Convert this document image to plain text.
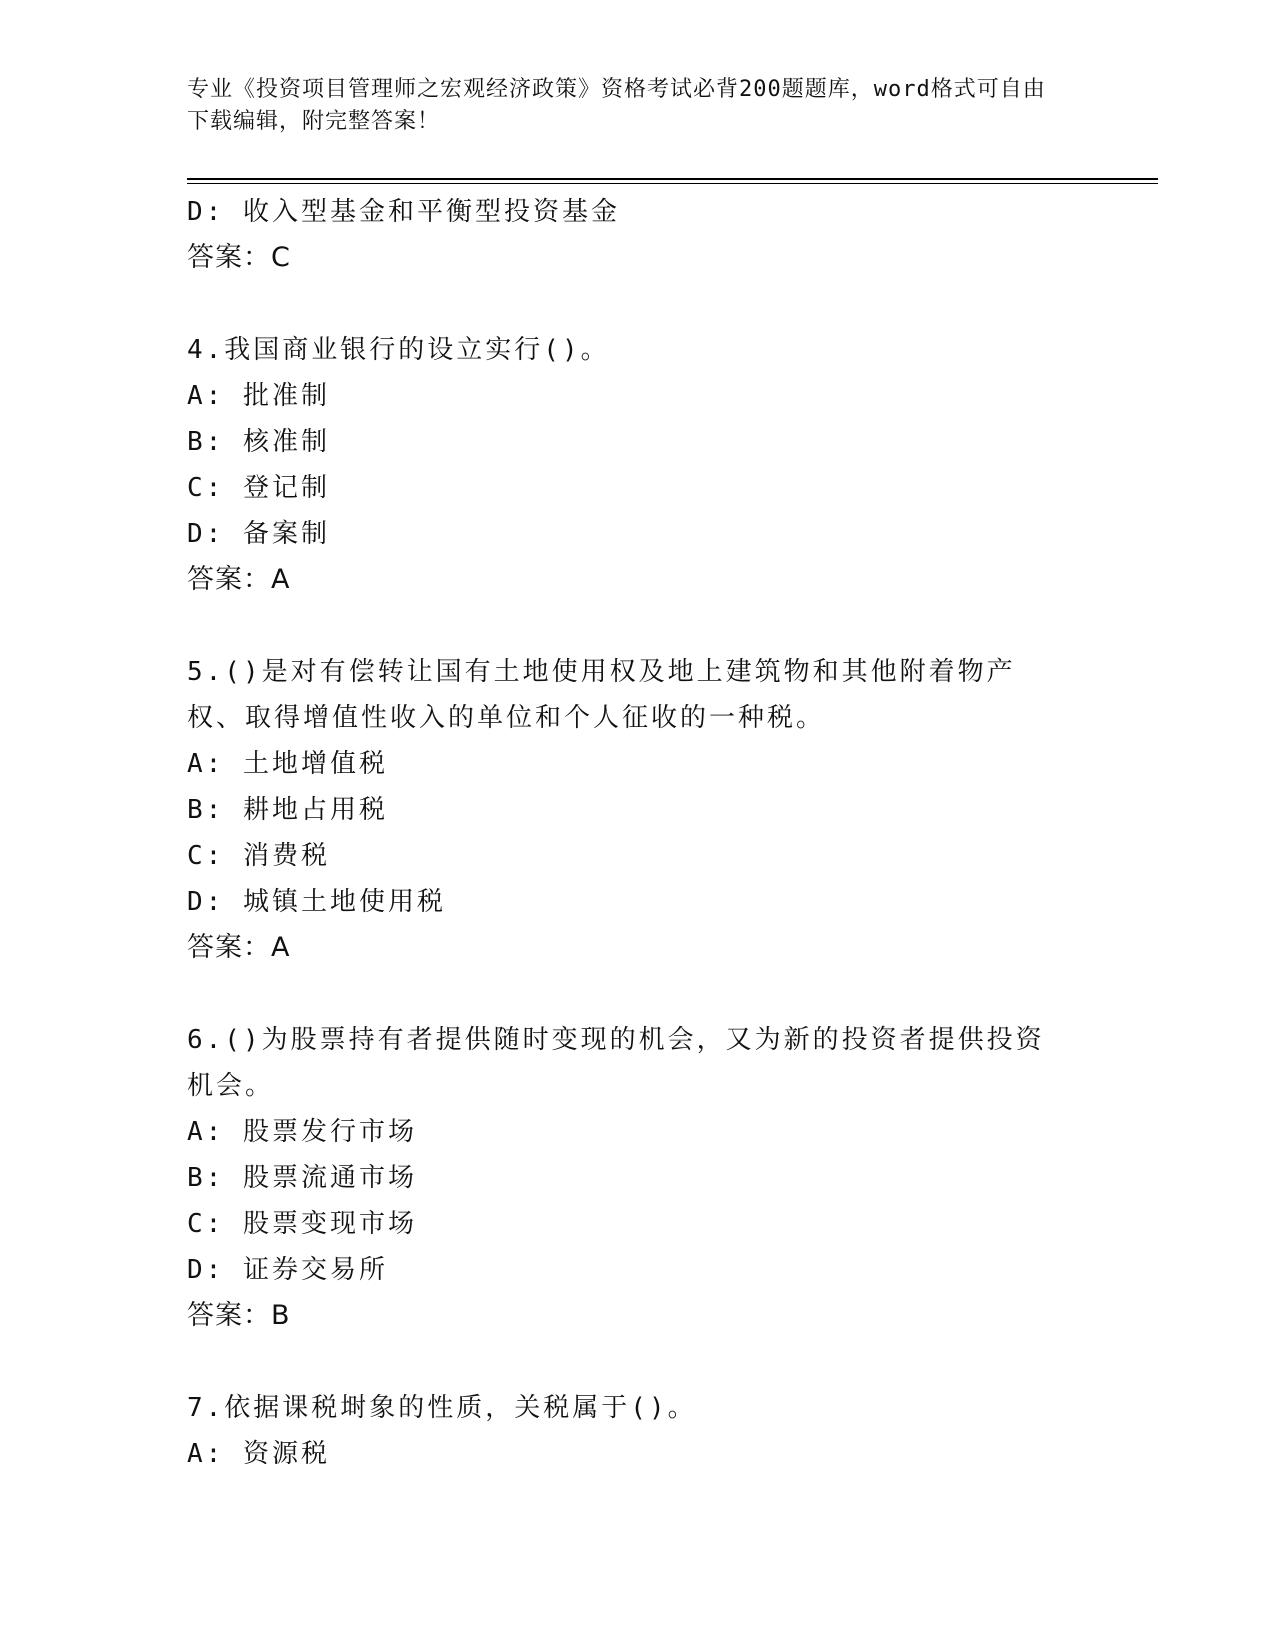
专业《投资项目管理师之宏观经济政策》资格考试必背200题题库，word格式可自由下载编辑，附完整答案！
D: 收入型基金和平衡型投资基金
答案：C
4.我国商业银行的设立实行()。
A: 批准制
B: 核准制
C: 登记制
D: 备案制
答案：A
5.()是对有偿转让国有土地使用权及地上建筑物和其他附着物产权、取得增值性收入的单位和个人征收的一种税。
A: 土地增值税
B: 耕地占用税
C: 消费税
D: 城镇土地使用税
答案：A
6.()为股票持有者提供随时变现的机会，又为新的投资者提供投资机会。
A: 股票发行市场
B: 股票流通市场
C: 股票变现市场
D: 证券交易所
答案：B
7.依据课税埘象的性质，关税属于()。
A: 资源税
